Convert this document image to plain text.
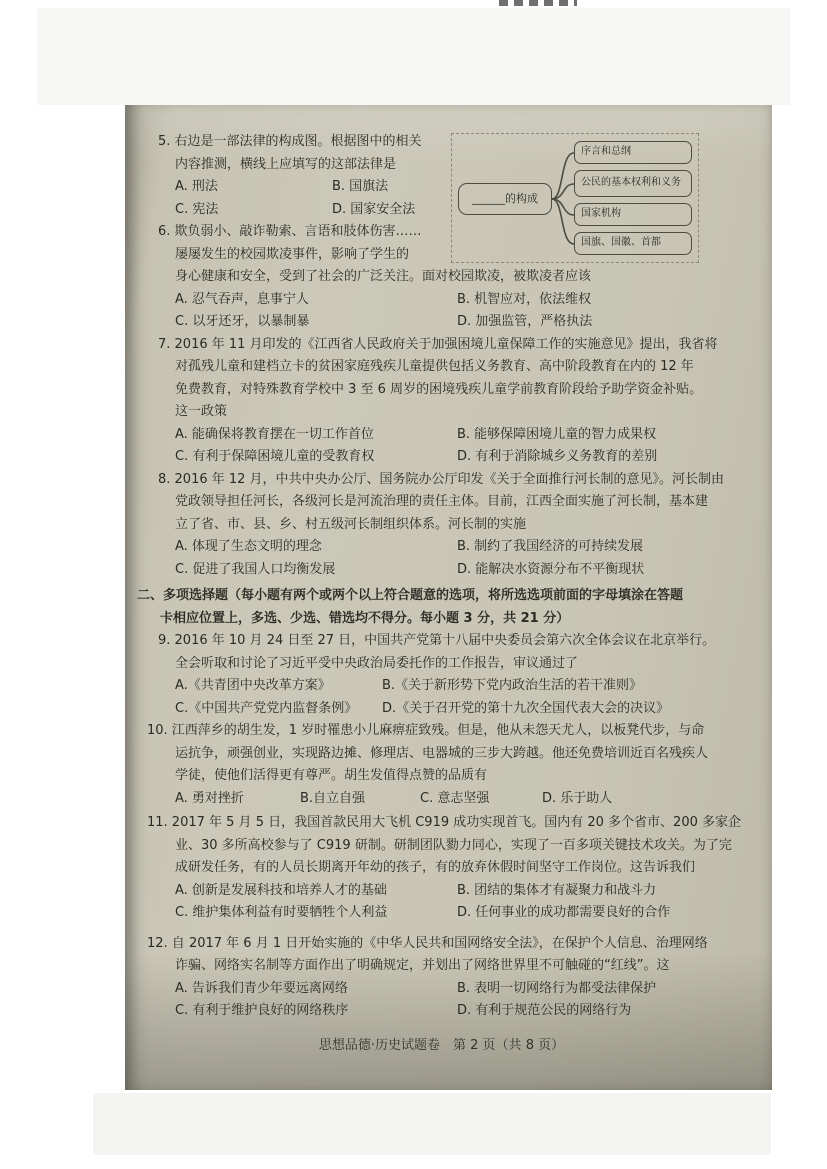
5. 右边是一部法律的构成图。根据图中的相关
内容推测，横线上应填写的这部法律是
A. 刑法	B. 国旗法
C. 宪法	D. 国家安全法
6. 欺负弱小、敲诈勒索、言语和肢体伤害……
屡屡发生的校园欺凌事件，影响了学生的
______的构成
序言和总纲
公民的基本权利和义务
国家机构
国旗、国徽、首都
身心健康和安全，受到了社会的广泛关注。面对校园欺凌，被欺凌者应该
A. 忍气吞声，息事宁人	B. 机智应对，依法维权
C. 以牙还牙，以暴制暴	D. 加强监管，严格执法
7. 2016 年 11 月印发的《江西省人民政府关于加强困境儿童保障工作的实施意见》提出，我省将
对孤残儿童和建档立卡的贫困家庭残疾儿童提供包括义务教育、高中阶段教育在内的 12 年
免费教育，对特殊教育学校中 3 至 6 周岁的困境残疾儿童学前教育阶段给予助学资金补贴。
这一政策
A. 能确保将教育摆在一切工作首位	B. 能够保障困境儿童的智力成果权
C. 有利于保障困境儿童的受教育权	D. 有利于消除城乡义务教育的差别
8. 2016 年 12 月，中共中央办公厅、国务院办公厅印发《关于全面推行河长制的意见》。河长制由
党政领导担任河长，各级河长是河流治理的责任主体。目前，江西全面实施了河长制，基本建
立了省、市、县、乡、村五级河长制组织体系。河长制的实施
A. 体现了生态文明的理念	B. 制约了我国经济的可持续发展
C. 促进了我国人口均衡发展	D. 能解决水资源分布不平衡现状
二、多项选择题（每小题有两个或两个以上符合题意的选项，将所选选项前面的字母填涂在答题
卡相应位置上，多选、少选、错选均不得分。每小题 3 分，共 21 分）
9. 2016 年 10 月 24 日至 27 日，中国共产党第十八届中央委员会第六次全体会议在北京举行。
全会听取和讨论了习近平受中央政治局委托作的工作报告，审议通过了
A.《共青团中央改革方案》	B.《关于新形势下党内政治生活的若干准则》
C.《中国共产党党内监督条例》	D.《关于召开党的第十九次全国代表大会的决议》
10. 江西萍乡的胡生发，1 岁时罹患小儿麻痹症致残。但是，他从未怨天尤人，以板凳代步，与命
运抗争，顽强创业，实现路边摊、修理店、电器城的三步大跨越。他还免费培训近百名残疾人
学徒，使他们活得更有尊严。胡生发值得点赞的品质有
A. 勇对挫折	B.自立自强	C. 意志坚强	D. 乐于助人
11. 2017 年 5 月 5 日，我国首款民用大飞机 C919 成功实现首飞。国内有 20 多个省市、200 多家企
业、30 多所高校参与了 C919 研制。研制团队勠力同心，实现了一百多项关键技术攻关。为了完
成研发任务，有的人员长期离开年幼的孩子，有的放弃休假时间坚守工作岗位。这告诉我们
A. 创新是发展科技和培养人才的基础	B. 团结的集体才有凝聚力和战斗力
C. 维护集体利益有时要牺牲个人利益	D. 任何事业的成功都需要良好的合作
12. 自 2017 年 6 月 1 日开始实施的《中华人民共和国网络安全法》，在保护个人信息、治理网络
诈骗、网络实名制等方面作出了明确规定，并划出了网络世界里不可触碰的“红线”。这
A. 告诉我们青少年要远离网络	B. 表明一切网络行为都受法律保护
C. 有利于维护良好的网络秩序	D. 有利于规范公民的网络行为
思想品德·历史试题卷　第 2 页（共 8 页）
